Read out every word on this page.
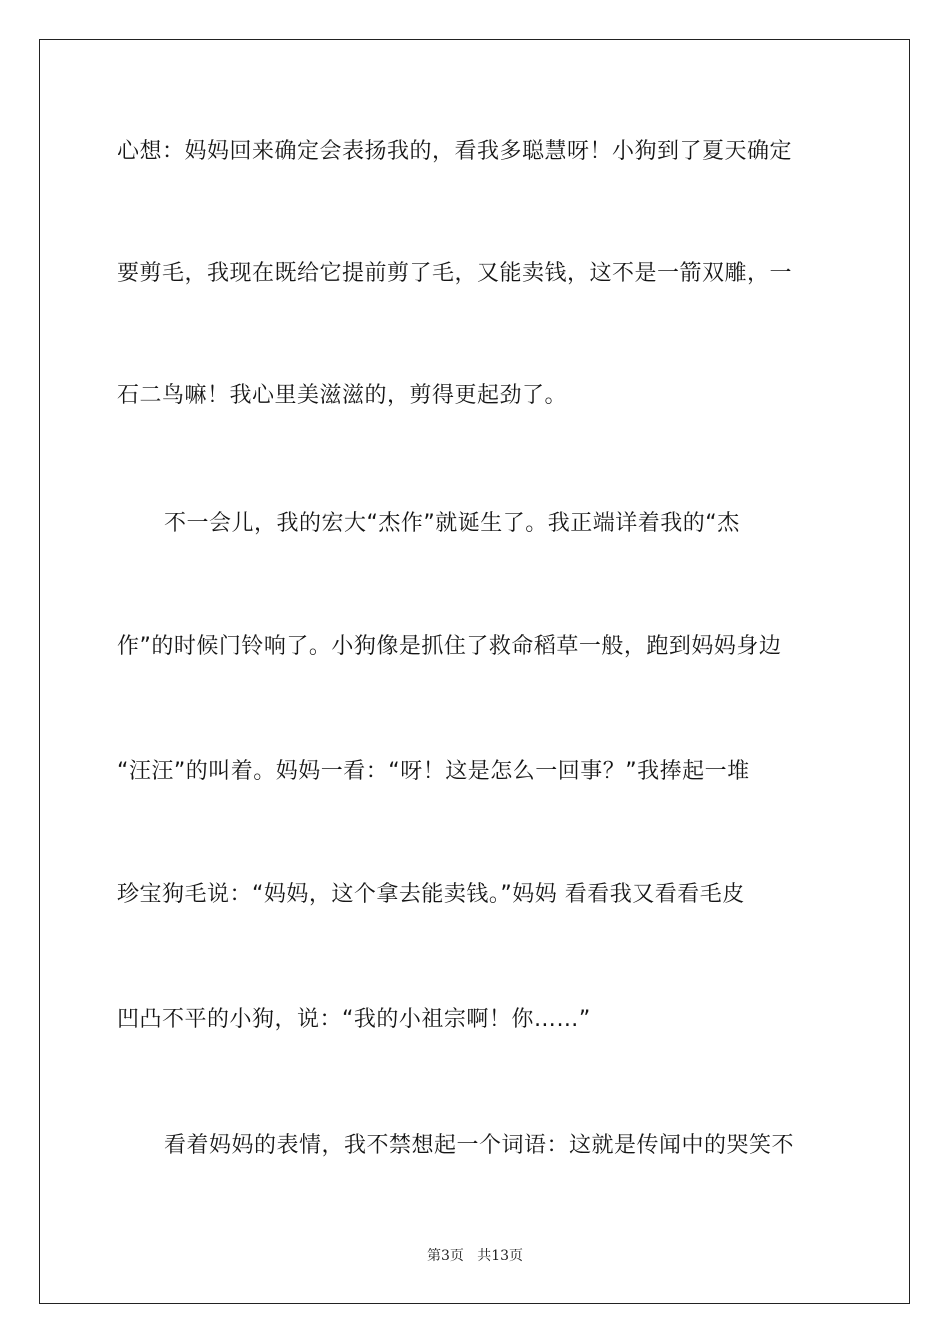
心想：妈妈回来确定会表扬我的，看我多聪慧呀！小狗到了夏天确定
要剪毛，我现在既给它提前剪了毛，又能卖钱，这不是一箭双雕，一
石二鸟嘛！我心里美滋滋的，剪得更起劲了。
不一会儿，我的宏大“杰作”就诞生了。我正端详着我的“杰
作”的时候门铃响了。小狗像是抓住了救命稻草一般，跑到妈妈身边
“汪汪”的叫着。妈妈一看：“呀！这是怎么一回事？”我捧起一堆
珍宝狗毛说：“妈妈，这个拿去能卖钱。”妈妈 看看我又看看毛皮
凹凸不平的小狗，说：“我的小祖宗啊！你……”
看着妈妈的表情，我不禁想起一个词语：这就是传闻中的哭笑不
第3页   共13页
